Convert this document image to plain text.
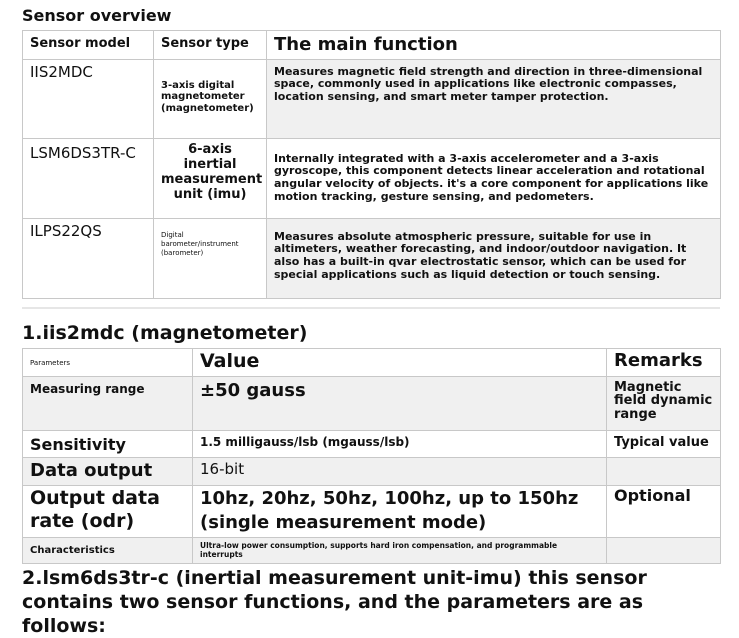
Sensor overview
Sensor model	Sensor type	The main function

IIS2MDC	3-axis digital magnetometer (magnetometer)	Measures magnetic field strength and direction in three-dimensional space, commonly used in applications like electronic compasses, location sensing, and smart meter tamper protection.

LSM6DS3TR-C	6-axis inertial measurement unit (imu)	Internally integrated with a 3-axis accelerometer and a 3-axis gyroscope, this component detects linear acceleration and rotational angular velocity of objects. it's a core component for applications like motion tracking, gesture sensing, and pedometers.

ILPS22QS	Digital barometer/instrument (barometer)	Measures absolute atmospheric pressure, suitable for use in altimeters, weather forecasting, and indoor/outdoor navigation. It also has a built-in qvar electrostatic sensor, which can be used for special applications such as liquid detection or touch sensing.
1.iis2mdc (magnetometer)
Parameters	Value	Remarks

Measuring range	±50 gauss	Magnetic field dynamic range

Sensitivity	1.5 milligauss/lsb (mgauss/lsb)	Typical value

Data output	16-bit	

Output data rate (odr)	10hz, 20hz, 50hz, 100hz, up to 150hz (single measurement mode)	Optional

Characteristics	Ultra-low power consumption, supports hard iron compensation, and programmable interrupts	

2.lsm6ds3tr-c (inertial measurement unit-imu) this sensor contains two sensor functions, and the parameters are as follows:
